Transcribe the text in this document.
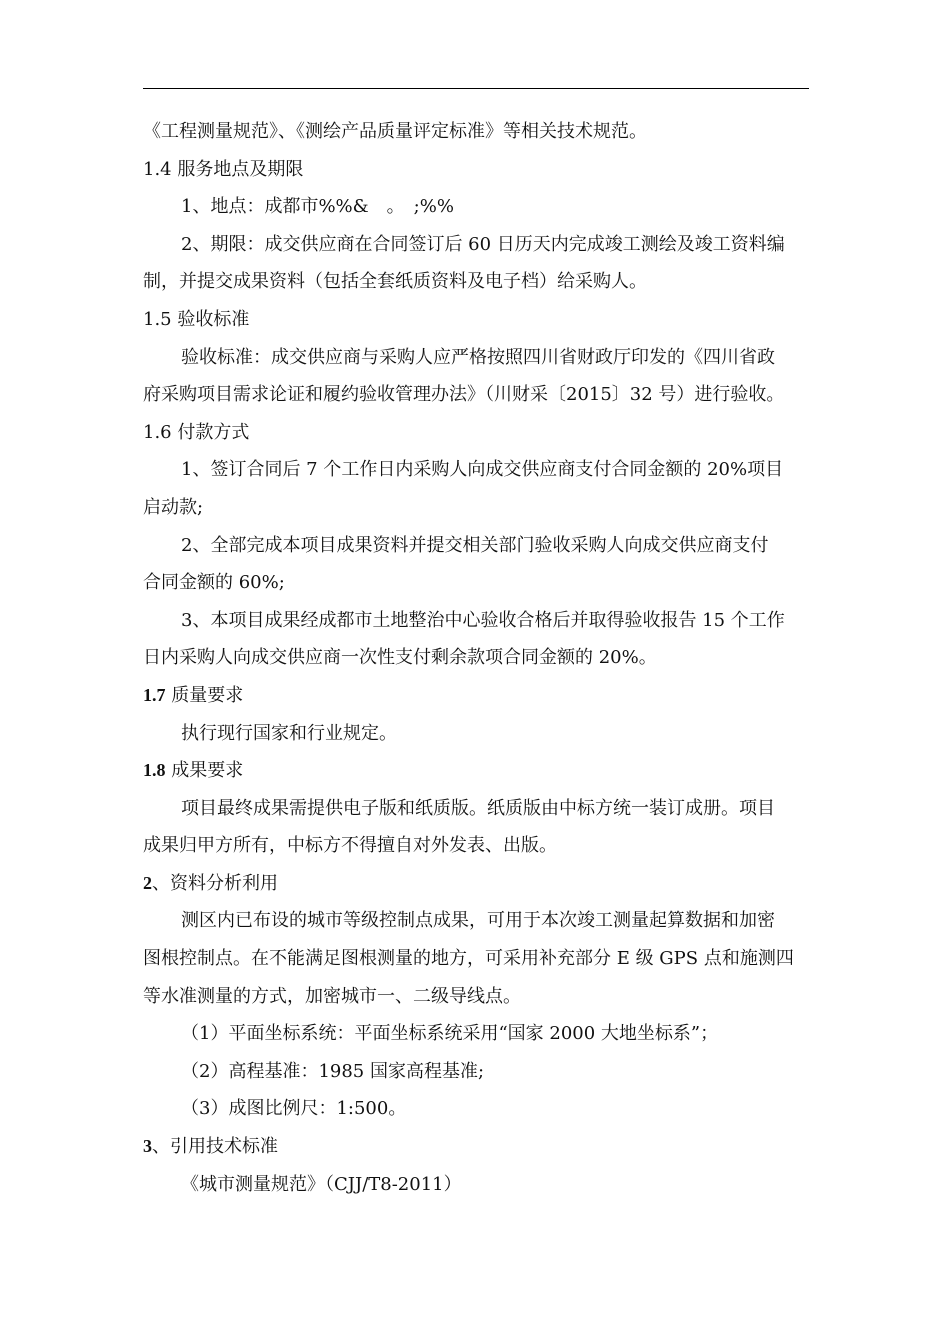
《工程测量规范》、《测绘产品质量评定标准》等相关技术规范。

1.4 服务地点及期限

1、地点：成都市%%&　。　;%%

2、期限：成交供应商在合同签订后 60 日历天内完成竣工测绘及竣工资料编

制，并提交成果资料（包括全套纸质资料及电子档）给采购人。

1.5 验收标准

验收标准：成交供应商与采购人应严格按照四川省财政厅印发的《四川省政

府采购项目需求论证和履约验收管理办法》（川财采〔2015〕32 号）进行验收。

1.6 付款方式

1、签订合同后 7 个工作日内采购人向成交供应商支付合同金额的 20%项目

启动款;

2、全部完成本项目成果资料并提交相关部门验收采购人向成交供应商支付

合同金额的 60%;

3、本项目成果经成都市土地整治中心验收合格后并取得验收报告 15 个工作

日内采购人向成交供应商一次性支付剩余款项合同金额的 20%。

1.7 质量要求

执行现行国家和行业规定。

1.8 成果要求

项目最终成果需提供电子版和纸质版。纸质版由中标方统一装订成册。项目

成果归甲方所有，中标方不得擅自对外发表、出版。

2、资料分析利用

测区内已布设的城市等级控制点成果，可用于本次竣工测量起算数据和加密

图根控制点。在不能满足图根测量的地方，可采用补充部分 E 级 GPS 点和施测四

等水准测量的方式，加密城市一、二级导线点。

（1）平面坐标系统：平面坐标系统采用“国家 2000 大地坐标系”；

（2）高程基准：1985 国家高程基准;

（3）成图比例尺：1:500。

3、引用技术标准

《城市测量规范》（CJJ/T8-2011）
